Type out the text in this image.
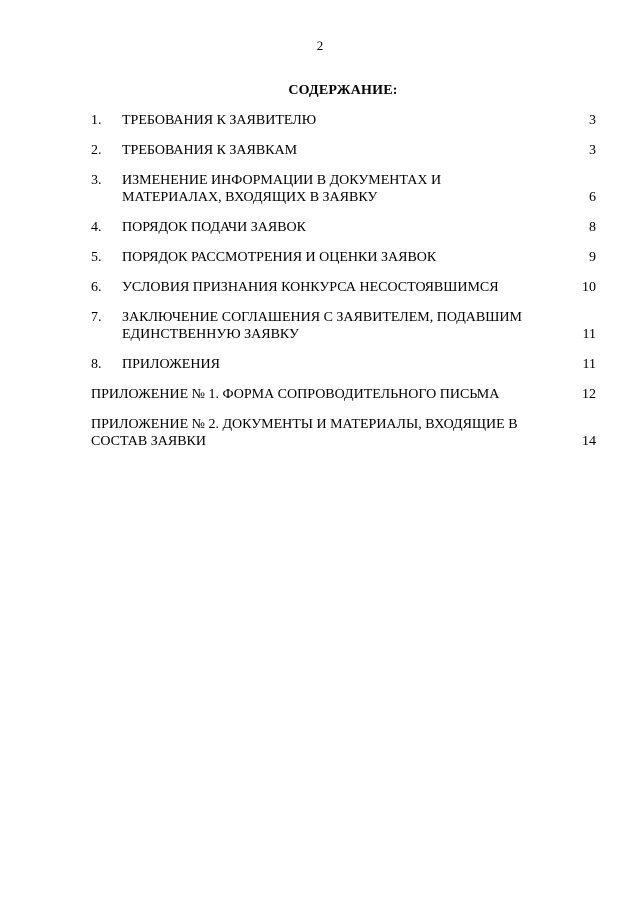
2
СОДЕРЖАНИЕ:
1. ТРЕБОВАНИЯ К ЗАЯВИТЕЛЮ	3
2. ТРЕБОВАНИЯ К ЗАЯВКАМ	3
3. ИЗМЕНЕНИЕ ИНФОРМАЦИИ В ДОКУМЕНТАХ И МАТЕРИАЛАХ, ВХОДЯЩИХ В ЗАЯВКУ	6
4. ПОРЯДОК ПОДАЧИ ЗАЯВОК	8
5. ПОРЯДОК РАССМОТРЕНИЯ И ОЦЕНКИ ЗАЯВОК	9
6. УСЛОВИЯ ПРИЗНАНИЯ КОНКУРСА НЕСОСТОЯВШИМСЯ	10
7. ЗАКЛЮЧЕНИЕ СОГЛАШЕНИЯ С ЗАЯВИТЕЛЕМ, ПОДАВШИМ ЕДИНСТВЕННУЮ ЗАЯВКУ	11
8. ПРИЛОЖЕНИЯ	11
ПРИЛОЖЕНИЕ № 1. ФОРМА СОПРОВОДИТЕЛЬНОГО ПИСЬМА	12
ПРИЛОЖЕНИЕ № 2. ДОКУМЕНТЫ И МАТЕРИАЛЫ, ВХОДЯЩИЕ В СОСТАВ ЗАЯВКИ	14
